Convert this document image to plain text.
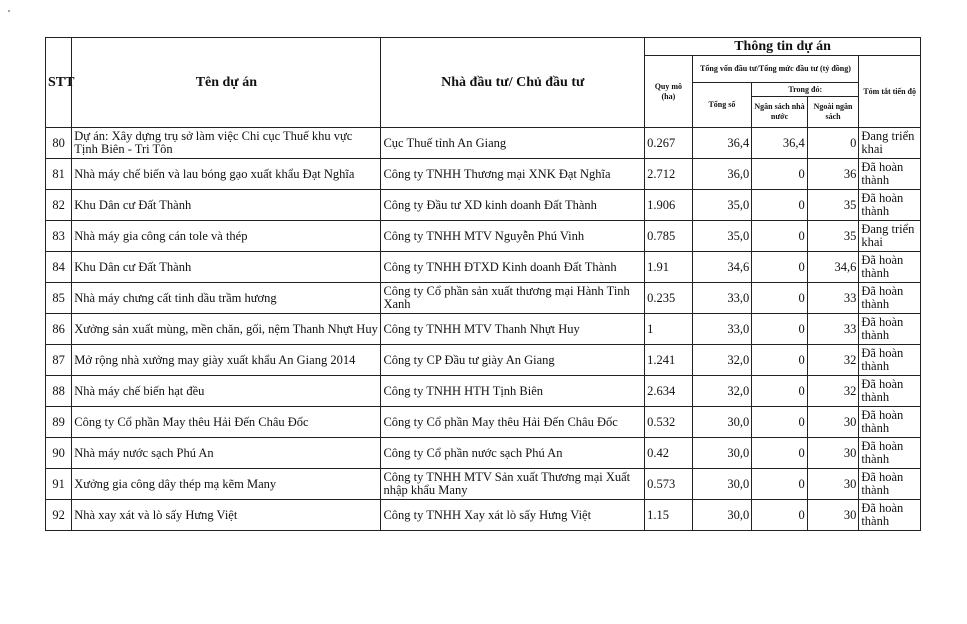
STT	Tên dự án	Nhà đầu tư/ Chủ đầu tư	Thông tin dự án				
			Quy mô (ha)	Tổng vốn đầu tư/Tổng mức đầu tư (tỷ đồng)			Tóm tắt tiến độ
				Tổng số	Trong đó:		
					Ngân sách nhà nước	Ngoài ngân sách	
80	Dự án: Xây dựng trụ sở làm việc Chi cục Thuế khu vực Tịnh Biên - Tri Tôn	Cục Thuế tỉnh An Giang	0.267	36,4	36,4	0	Đang triển khai
81	Nhà máy chế biến và lau bóng gạo xuất khẩu Đạt Nghĩa	Công ty TNHH Thương mại XNK Đạt Nghĩa	2.712	36,0	0	36	Đã hoàn thành
82	Khu Dân cư Đất Thành	Công ty Đầu tư XD kinh doanh Đất Thành	1.906	35,0	0	35	Đã hoàn thành
83	Nhà máy gia công cán tole và thép	Công ty TNHH MTV Nguyễn Phú Vinh	0.785	35,0	0	35	Đang triển khai
84	Khu Dân cư Đất Thành	Công ty TNHH ĐTXD Kinh doanh Đất Thành	1.91	34,6	0	34,6	Đã hoàn thành
85	Nhà máy chưng cất tinh dầu trầm hương	Công ty Cổ phần sản xuất thương mại Hành Tinh Xanh	0.235	33,0	0	33	Đã hoàn thành
86	Xưởng sản xuất mùng, mền chăn, gối, nệm Thanh Nhựt Huy	Công ty TNHH MTV Thanh Nhựt Huy	1	33,0	0	33	Đã hoàn thành
87	Mở rộng nhà xưởng may giày xuất khẩu An Giang 2014	Công ty CP Đầu tư giày An Giang	1.241	32,0	0	32	Đã hoàn thành
88	Nhà máy chế biến hạt đều	Công ty TNHH HTH Tịnh Biên	2.634	32,0	0	32	Đã hoàn thành
89	Công ty Cổ phần May thêu Hải Đến Châu Đốc	Công ty Cổ phần May thêu Hải Đến Châu Đốc	0.532	30,0	0	30	Đã hoàn thành
90	Nhà máy nước sạch Phú An	Công ty Cổ phần nước sạch Phú An	0.42	30,0	0	30	Đã hoàn thành
91	Xưởng gia công dây thép mạ kẽm Many	Công ty TNHH MTV Sản xuất Thương mại Xuất nhập khẩu Many	0.573	30,0	0	30	Đã hoàn thành
92	Nhà xay xát và lò sấy Hưng Việt	Công ty TNHH Xay xát lò sấy Hưng Việt	1.15	30,0	0	30	Đã hoàn thành
